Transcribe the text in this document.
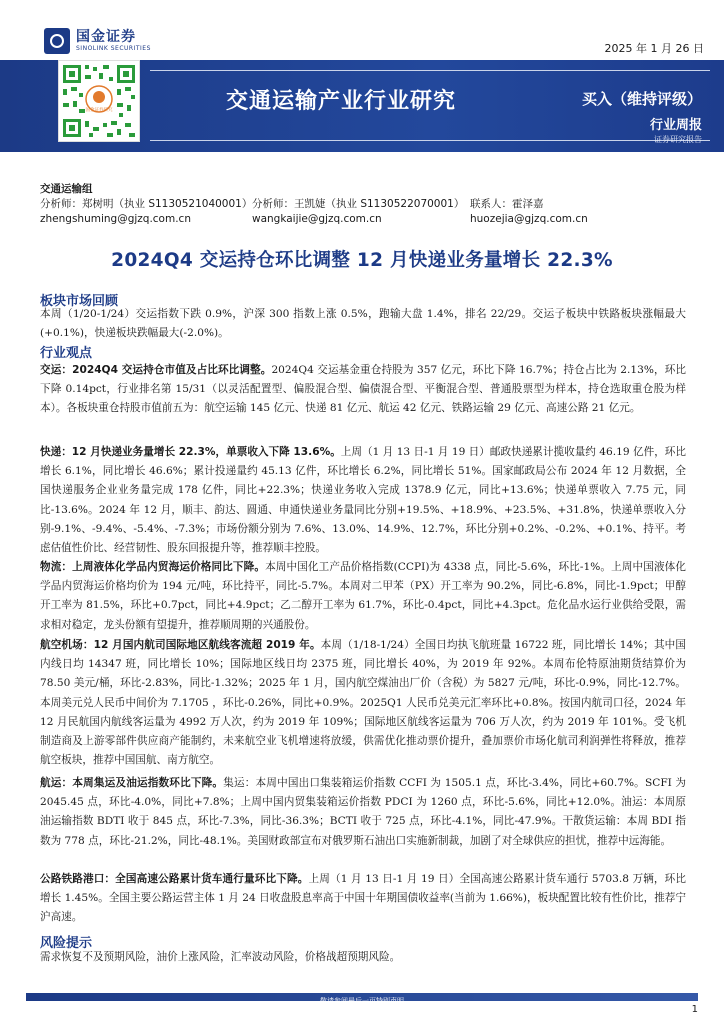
国金证券
SINOLINK SECURITIES	2025 年 1 月 26 日
国金证券研究	交通运输产业行业研究	买入（维持评级）
行业周报
证券研究报告
交通运输组
分析师：郑树明（执业 S1130521040001）分析师：王凯婕（执业 S1130522070001） 联系人：霍泽嘉
zhengshuming@gjzq.com.cn	wangkaijie@gjzq.com.cn	huozejia@gjzq.com.cn
2024Q4 交运持仓环比调整 12 月快递业务量增长 22.3%
板块市场回顾
本周（1/20-1/24）交运指数下跌 0.9%，沪深 300 指数上涨 0.5%，跑输大盘 1.4%，排名 22/29。交运子板块中铁路板块涨幅最大(+0.1%)，快递板块跌幅最大(-2.0%)。
行业观点
交运：2024Q4 交运持仓市值及占比环比调整。2024Q4 交运基金重仓持股为 357 亿元，环比下降 16.7%；持仓占比为 2.13%，环比下降 0.14pct，行业排名第 15/31（以灵活配置型、偏股混合型、偏债混合型、平衡混合型、普通股票型为样本，持仓选取重仓股为样本）。各板块重仓持股市值前五为：航空运输 145 亿元、快递 81 亿元、航运 42 亿元、铁路运输 29 亿元、高速公路 21 亿元。
快递：12 月快递业务量增长 22.3%，单票收入下降 13.6%。上周（1 月 13 日-1 月 19 日）邮政快递累计揽收量约 46.19 亿件，环比增长 6.1%，同比增长 46.6%；累计投递量约 45.13 亿件，环比增长 6.2%，同比增长 51%。国家邮政局公布 2024 年 12 月数据，全国快递服务企业业务量完成 178 亿件，同比+22.3%；快递业务收入完成 1378.9 亿元，同比+13.6%；快递单票收入 7.75 元，同比-13.6%。2024 年 12 月，顺丰、韵达、圆通、申通快递业务量同比分别+19.5%、+18.9%、+23.5%、+31.8%，快递单票收入分别-9.1%、-9.4%、-5.4%、-7.3%；市场份额分别为 7.6%、13.0%、14.9%、12.7%，环比分别+0.2%、-0.2%、+0.1%、持平。考虑估值性价比、经营韧性、股东回报提升等，推荐顺丰控股。
物流：上周液体化学品内贸海运价格同比下降。本周中国化工产品价格指数(CCPI)为 4338 点，同比-5.6%，环比-1%。上周中国液体化学品内贸海运价格均价为 194 元/吨，环比持平，同比-5.7%。本周对二甲苯（PX）开工率为 90.2%，同比-6.8%，同比-1.9pct；甲醇开工率为 81.5%，环比+0.7pct，同比+4.9pct；乙二醇开工率为 61.7%，环比-0.4pct，同比+4.3pct。危化品水运行业供给受限，需求相对稳定，龙头份额有望提升，推荐顺周期的兴通股份。
航空机场：12 月国内航司国际地区航线客流超 2019 年。本周（1/18-1/24）全国日均执飞航班量 16722 班，同比增长 14%；其中国内线日均 14347 班，同比增长 10%；国际地区线日均 2375 班，同比增长 40%，为 2019 年 92%。本周布伦特原油期货结算价为 78.50 美元/桶，环比-2.83%，同比-1.32%；2025 年 1 月，国内航空煤油出厂价（含税）为 5827 元/吨，环比-0.9%，同比-12.7%。本周美元兑人民币中间价为 7.1705 ，环比-0.26%，同比+0.9%。2025Q1 人民币兑美元汇率环比+0.8%。按国内航司口径，2024 年 12 月民航国内航线客运量为 4992 万人次，约为 2019 年 109%；国际地区航线客运量为 706 万人次，约为 2019 年 101%。受飞机制造商及上游零部件供应商产能制约，未来航空业飞机增速将放缓，供需优化推动票价提升，叠加票价市场化航司利润弹性将释放，推荐航空板块，推荐中国国航、南方航空。
航运：本周集运及油运指数环比下降。集运：本周中国出口集装箱运价指数 CCFI 为 1505.1 点，环比-3.4%，同比+60.7%。SCFI 为 2045.45 点，环比-4.0%，同比+7.8%；上周中国内贸集装箱运价指数 PDCI 为 1260 点，环比-5.6%，同比+12.0%。油运：本周原油运输指数 BDTI 收于 845 点，环比-7.3%，同比-36.3%；BCTI 收于 725 点，环比-4.1%，同比-47.9%。干散货运输：本周 BDI 指数为 778 点，环比-21.2%，同比-48.1%。美国财政部宣布对俄罗斯石油出口实施新制裁，加剧了对全球供应的担忧，推荐中远海能。
公路铁路港口：全国高速公路累计货车通行量环比下降。上周（1 月 13 日-1 月 19 日）全国高速公路累计货车通行 5703.8 万辆，环比增长 1.45%。全国主要公路运营主体 1 月 24 日收盘股息率高于中国十年期国债收益率(当前为 1.66%)，板块配置比较有性价比，推荐宁沪高速。
风险提示
需求恢复不及预期风险，油价上涨风险，汇率波动风险，价格战超预期风险。
敬请参阅最后一页特别声明
1
